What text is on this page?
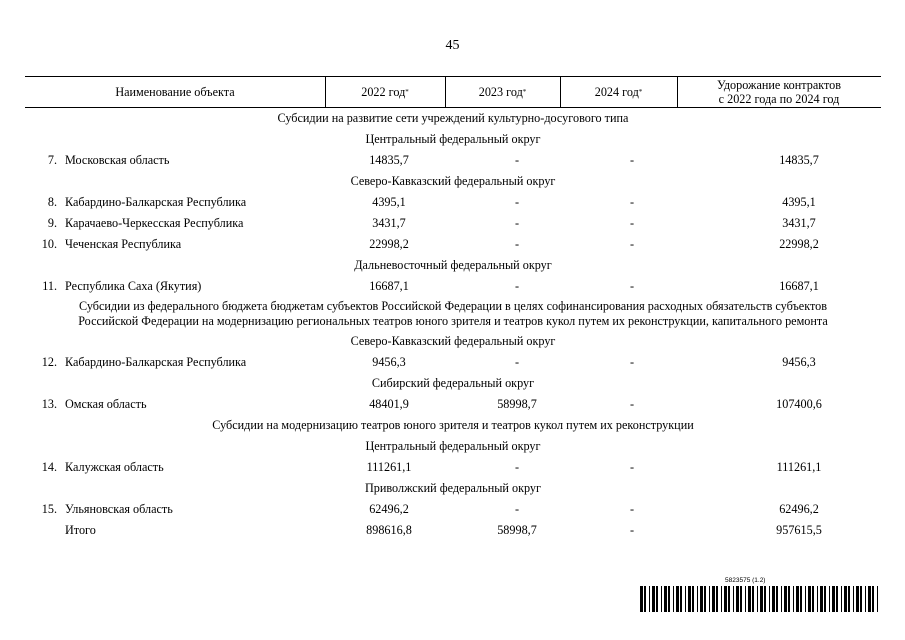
45
Наименование объекта	2022 год *	2023 год *	2024 год *	Удорожание контрактов
с 2022 года по 2024 год
Субсидии на развитие сети учреждений культурно-досугового типа
Центральный федеральный округ
7. Московская область	14835,7	-	-	14835,7
Северо-Кавказский федеральный округ
8. Кабардино-Балкарская Республика	4395,1	-	-	4395,1
9. Карачаево-Черкесская Республика	3431,7	-	-	3431,7
10. Чеченская Республика	22998,2	-	-	22998,2
Дальневосточный федеральный округ
11. Республика Саха (Якутия)	16687,1	-	-	16687,1
Субсидии из федерального бюджета бюджетам субъектов Российской Федерации в целях софинансирования расходных обязательств субъектов
Российской Федерации на модернизацию региональных театров юного зрителя и театров кукол путем их реконструкции, капитального ремонта
Северо-Кавказский федеральный округ
12. Кабардино-Балкарская Республика	9456,3	-	-	9456,3
Сибирский федеральный округ
13. Омская область	48401,9	58998,7	-	107400,6
Субсидии на модернизацию театров юного зрителя и театров кукол путем их реконструкции
Центральный федеральный округ
14. Калужская область	111261,1	-	-	111261,1
Приволжский федеральный округ
15. Ульяновская область	62496,2	-	-	62496,2
Итого	898616,8	58998,7	-	957615,5
5823575 (1.2)
